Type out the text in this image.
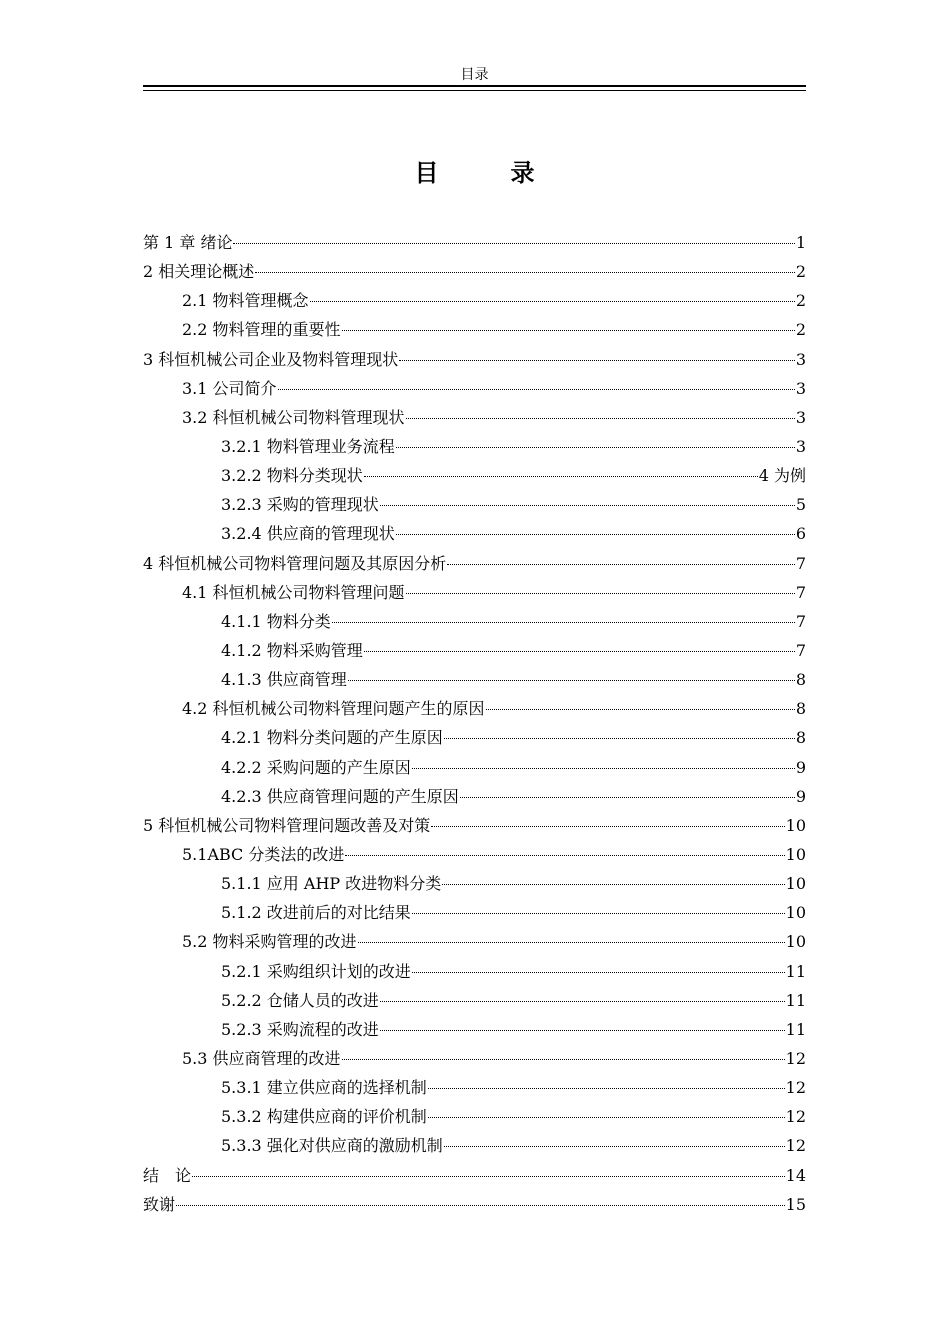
目录
目　录
第 1 章 绪论	1
2 相关理论概述	2
2.1 物料管理概念	2
2.2 物料管理的重要性	2
3 科恒机械公司企业及物料管理现状	3
3.1 公司简介	3
3.2 科恒机械公司物料管理现状	3
3.2.1 物料管理业务流程	3
3.2.2 物料分类现状	4 为例
3.2.3 采购的管理现状	5
3.2.4 供应商的管理现状	6
4 科恒机械公司物料管理问题及其原因分析	7
4.1 科恒机械公司物料管理问题	7
4.1.1 物料分类	7
4.1.2 物料采购管理	7
4.1.3 供应商管理	8
4.2 科恒机械公司物料管理问题产生的原因	8
4.2.1 物料分类问题的产生原因	8
4.2.2 采购问题的产生原因	9
4.2.3 供应商管理问题的产生原因	9
5 科恒机械公司物料管理问题改善及对策	10
5.1ABC 分类法的改进	10
5.1.1 应用 AHP 改进物料分类	10
5.1.2 改进前后的对比结果	10
5.2 物料采购管理的改进	10
5.2.1 采购组织计划的改进	11
5.2.2 仓储人员的改进	11
5.2.3 采购流程的改进	11
5.3 供应商管理的改进	12
5.3.1 建立供应商的选择机制	12
5.3.2 构建供应商的评价机制	12
5.3.3 强化对供应商的激励机制	12
结　论	14
致谢	15
